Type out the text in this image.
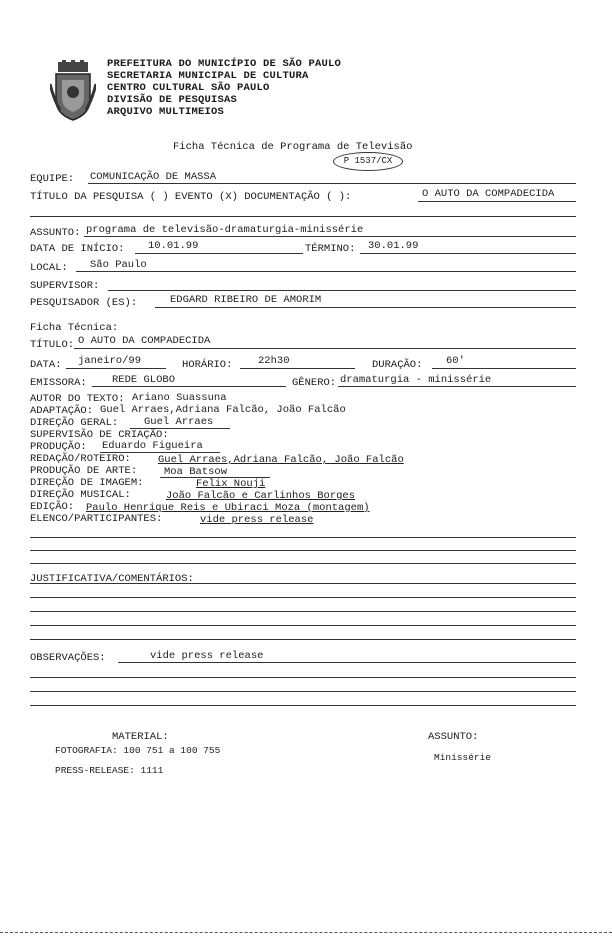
PREFEITURA DO MUNICÍPIO DE SÃO PAULO
SECRETARIA MUNICIPAL DE CULTURA
CENTRO CULTURAL SÃO PAULO
DIVISÃO DE PESQUISAS
ARQUIVO MULTIMEIOS
Ficha Técnica de Programa de Televisão
P 1537/CX
EQUIPE: COMUNICAÇÃO DE MASSA
TÍTULO DA PESQUISA ( ) EVENTO (X) DOCUMENTAÇÃO ( ):	O AUTO DA COMPADECIDA
ASSUNTO: programa de televisão-dramaturgia-minissérie
DATA DE INÍCIO: 10.01.99	TÉRMINO: 30.01.99
LOCAL: São Paulo
SUPERVISOR:
PESQUISADOR (ES):	EDGARD RIBEIRO DE AMORIM
Ficha Técnica:
TÍTULO: O AUTO DA COMPADECIDA
DATA: janeiro/99	HORÁRIO: 22h30	DURAÇÃO: 60'
EMISSORA: REDE GLOBO	GÊNERO: dramaturgia - minissérie
AUTOR DO TEXTO: Ariano Suassuna
ADAPTAÇÃO: Guel Arraes,Adriana Falcão, João Falcão
DIREÇÃO GERAL: Guel Arraes
SUPERVISÃO DE CRIAÇÃO:
PRODUÇÃO: Eduardo Figueira
REDAÇÃO/ROTEIRO:	Guel Arraes,Adriana Falcão, João Falcão
PRODUÇÃO DE ARTE:	Moa Batsow
DIREÇÃO DE IMAGEM:	Felix Nouji
DIREÇÃO MUSICAL:	João Falcão e Carlinhos Borges
EDIÇÃO: Paulo Henrique Reis e Ubiraci Moza (montagem)
ELENCO/PARTICIPANTES:	vide press release
JUSTIFICATIVA/COMENTÁRIOS:
OBSERVAÇÕES:	vide press release
MATERIAL:
FOTOGRAFIA: 100 751 a 100 755
PRESS-RELEASE: 1111
ASSUNTO:
Minissérie
